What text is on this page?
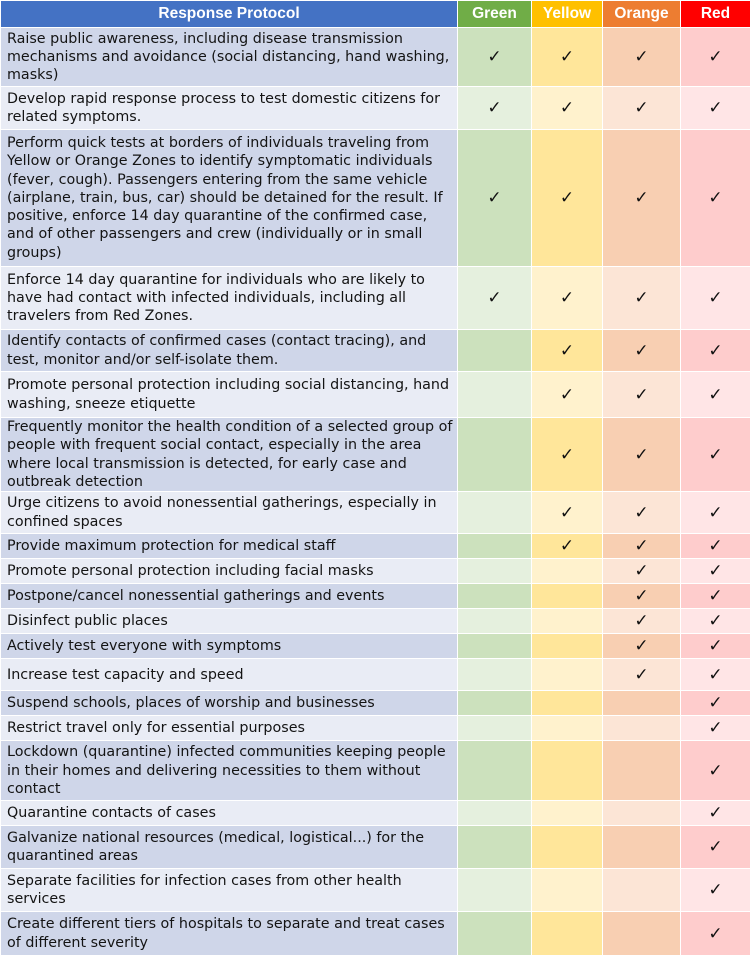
Response Protocol	Green	Yellow	Orange	Red
Raise public awareness, including disease transmission mechanisms and avoidance (social distancing, hand washing, masks)	✓	✓	✓	✓
Develop rapid response process to test domestic citizens for related symptoms.	✓	✓	✓	✓
Perform quick tests at borders of individuals traveling from Yellow or Orange Zones to identify symptomatic individuals (fever, cough). Passengers entering from the same vehicle (airplane, train, bus, car) should be detained for the result. If positive, enforce 14 day quarantine of the confirmed case, and of other passengers and crew (individually or in small groups)	✓	✓	✓	✓
Enforce 14 day quarantine for individuals who are likely to have had contact with infected individuals, including all travelers from Red Zones.	✓	✓	✓	✓
Identify contacts of confirmed cases (contact tracing), and test, monitor and/or self-isolate them.		✓	✓	✓
Promote personal protection including social distancing, hand washing, sneeze etiquette		✓	✓	✓
Frequently monitor the health condition of a selected group of people with frequent social contact, especially in the area where local transmission is detected, for early case and outbreak detection		✓	✓	✓
Urge citizens to avoid nonessential gatherings, especially in confined spaces		✓	✓	✓
Provide maximum protection for medical staff		✓	✓	✓
Promote personal protection including facial masks			✓	✓
Postpone/cancel nonessential gatherings and events			✓	✓
Disinfect public places			✓	✓
Actively test everyone with symptoms			✓	✓
Increase test capacity and speed			✓	✓
Suspend schools, places of worship and businesses				✓
Restrict travel only for essential purposes				✓
Lockdown (quarantine) infected communities keeping people in their homes and delivering necessities to them without contact				✓
Quarantine contacts of cases				✓
Galvanize national resources (medical, logistical...) for the quarantined areas				✓
Separate facilities for infection cases from other health services				✓
Create different tiers of hospitals to separate and treat cases of different severity				✓
